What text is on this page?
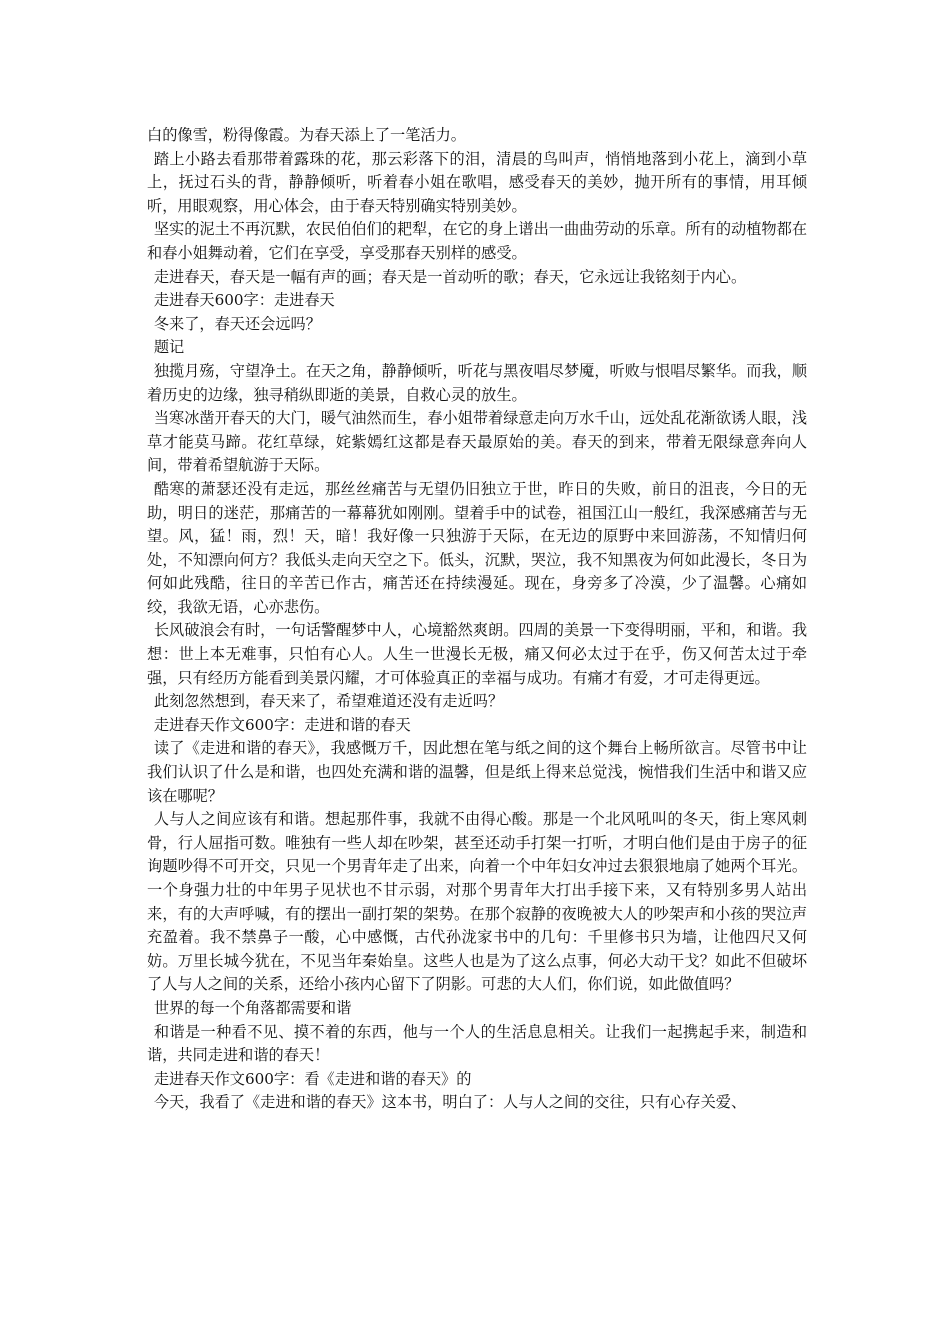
白的像雪，粉得像霞。为春天添上了一笔活力。

踏上小路去看那带着露珠的花，那云彩落下的泪，清晨的鸟叫声，悄悄地落到小花上，滴到小草上，抚过石头的背，静静倾听，听着春小姐在歌唱，感受春天的美妙，抛开所有的事情，用耳倾听，用眼观察，用心体会，由于春天特别确实特别美妙。

坚实的泥土不再沉默，农民伯伯们的耙犁，在它的身上谱出一曲曲劳动的乐章。所有的动植物都在和春小姐舞动着，它们在享受，享受那春天别样的感受。

走进春天，春天是一幅有声的画；春天是一首动听的歌；春天，它永远让我铭刻于内心。

走进春天600字：走进春天

冬来了，春天还会远吗？

题记

独揽月殇，守望净土。在天之角，静静倾听，听花与黑夜唱尽梦魇，听败与恨唱尽繁华。而我，顺着历史的边缘，独寻稍纵即逝的美景，自救心灵的放生。

当寒冰凿开春天的大门，暖气油然而生，春小姐带着绿意走向万水千山，远处乱花渐欲诱人眼，浅草才能莫马蹄。花红草绿，姹紫嫣红这都是春天最原始的美。春天的到来，带着无限绿意奔向人间，带着希望航游于天际。

酷寒的萧瑟还没有走远，那丝丝痛苦与无望仍旧独立于世，昨日的失败，前日的沮丧，今日的无助，明日的迷茫，那痛苦的一幕幕犹如刚刚。望着手中的试卷，祖国江山一般红，我深感痛苦与无望。风，猛！雨，烈！天，暗！我好像一只独游于天际，在无边的原野中来回游荡，不知情归何处，不知漂向何方？我低头走向天空之下。低头，沉默，哭泣，我不知黑夜为何如此漫长，冬日为何如此残酷，往日的辛苦已作古，痛苦还在持续漫延。现在，身旁多了冷漠，少了温馨。心痛如绞，我欲无语，心亦悲伤。

长风破浪会有时，一句话警醒梦中人，心境豁然爽朗。四周的美景一下变得明丽，平和，和谐。我想：世上本无难事，只怕有心人。人生一世漫长无极，痛又何必太过于在乎，伤又何苦太过于牵强，只有经历方能看到美景闪耀，才可体验真正的幸福与成功。有痛才有爱，才可走得更远。

此刻忽然想到，春天来了，希望难道还没有走近吗？

走进春天作文600字：走进和谐的春天

读了《走进和谐的春天》，我感慨万千，因此想在笔与纸之间的这个舞台上畅所欲言。尽管书中让我们认识了什么是和谐，也四处充满和谐的温馨，但是纸上得来总觉浅，惋惜我们生活中和谐又应该在哪呢？

人与人之间应该有和谐。想起那件事，我就不由得心酸。那是一个北风吼叫的冬天，街上寒风刺骨，行人屈指可数。唯独有一些人却在吵架，甚至还动手打架一打听，才明白他们是由于房子的征询题吵得不可开交，只见一个男青年走了出来，向着一个中年妇女冲过去狠狠地扇了她两个耳光。一个身强力壮的中年男子见状也不甘示弱，对那个男青年大打出手接下来，又有特别多男人站出来，有的大声呼喊，有的摆出一副打架的架势。在那个寂静的夜晚被大人的吵架声和小孩的哭泣声充盈着。我不禁鼻子一酸，心中感慨，古代孙泷家书中的几句：千里修书只为墙，让他四尺又何妨。万里长城今犹在，不见当年秦始皇。这些人也是为了这么点事，何必大动干戈？如此不但破坏了人与人之间的关系，还给小孩内心留下了阴影。可悲的大人们，你们说，如此做值吗？

世界的每一个角落都需要和谐

和谐是一种看不见、摸不着的东西，他与一个人的生活息息相关。让我们一起携起手来，制造和谐，共同走进和谐的春天！

走进春天作文600字：看《走进和谐的春天》的

今天，我看了《走进和谐的春天》这本书，明白了：人与人之间的交往，只有心存关爱、
